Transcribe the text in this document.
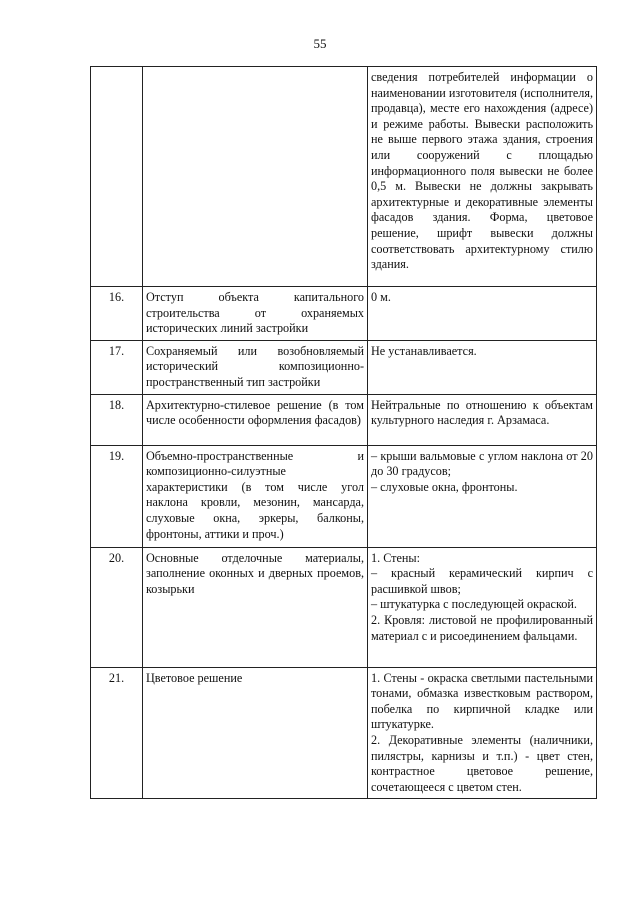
55
		сведения потребителей информации о наименовании изготовителя (исполнителя, продавца), месте его нахождения (адресе) и режиме работы. Вывески расположить не выше первого этажа здания, строения или сооружений с площадью информационного поля вывески не более 0,5 м. Вывески не должны закрывать архитектурные и декоративные элементы фасадов здания. Форма, цветовое решение, шрифт вывески должны соответствовать архитектурному стилю здания.
16.	Отступ объекта капитального строительства от охраняемых исторических линий застройки	0 м.

17.	Сохраняемый или возобновляемый исторический композиционно-пространственный тип застройки	Не устанавливается.

18.	Архитектурно-стилевое решение (в том числе особенности оформления фасадов)	Нейтральные по отношению к объектам культурного наследия г. Арзамаса.

19.	Объемно-пространственные и композиционно-силуэтные характеристики (в том числе угол наклона кровли, мезонин, мансарда, слуховые окна, эркеры, балконы, фронтоны, аттики и проч.)	– крыши вальмовые с углом наклона от 20 до 30 градусов;
– слуховые окна, фронтоны.

20.	Основные отделочные материалы, заполнение оконных и дверных проемов, козырьки	1. Стены:
– красный керамический кирпич с расшивкой швов;
– штукатурка с последующей окраской.
2. Кровля: листовой не профилированный материал с и рисоединением фальцами.

21.	Цветовое решение	1. Стены - окраска светлыми пастельными тонами, обмазка известковым раствором, побелка по кирпичной кладке или штукатурке.
2. Декоративные элементы (наличники, пилястры, карнизы и т.п.) - цвет стен, контрастное цветовое решение, сочетающееся с цветом стен.
